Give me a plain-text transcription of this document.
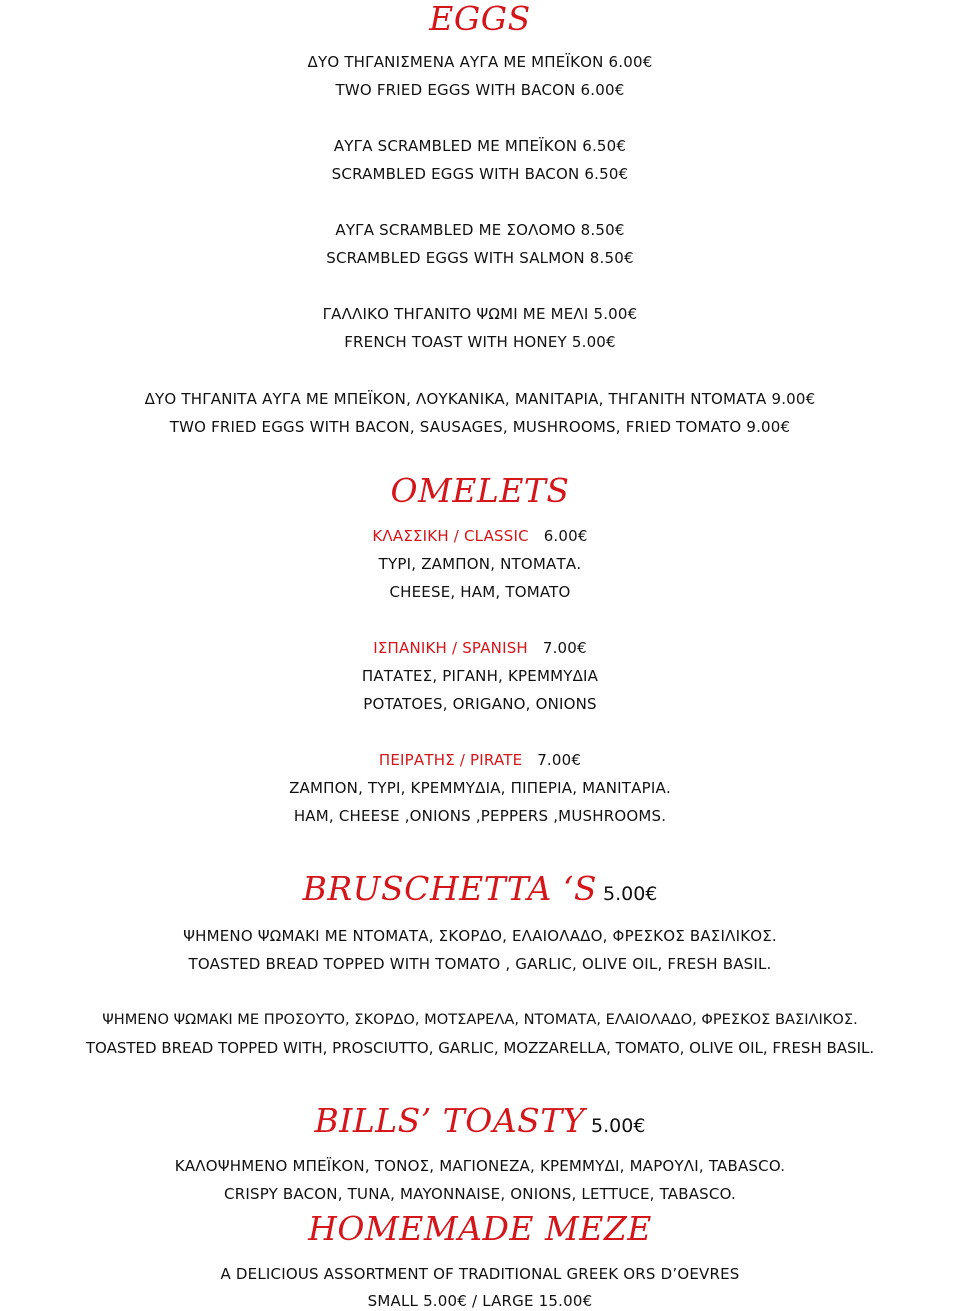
EGGS
ΔΥΟ ΤΗΓΑΝΙΣΜΕΝΑ ΑΥΓΑ ΜΕ ΜΠΕΪΚΟΝ 6.00€
TWO FRIED EGGS WITH BACON 6.00€
ΑΥΓΑ SCRAMBLED ΜΕ ΜΠΕΪΚΟΝ 6.50€
SCRAMBLED EGGS WITH BACON 6.50€
ΑΥΓΑ SCRAMBLED ΜΕ ΣΟΛΟΜΟ 8.50€
SCRAMBLED EGGS WITH SALMON 8.50€
ΓΑΛΛΙΚΟ ΤΗΓΑΝΙΤΟ ΨΩΜΙ ΜΕ ΜΕΛΙ 5.00€
FRENCH TOAST WITH HONEY 5.00€
ΔΥΟ ΤΗΓΑΝΙΤΑ ΑΥΓΑ ΜΕ ΜΠΕΪΚΟΝ, ΛΟΥΚΑΝΙΚΑ, ΜΑΝΙΤΑΡΙΑ, ΤΗΓΑΝΙΤΗ ΝΤΟΜΑΤΑ 9.00€
TWO FRIED EGGS WITH BACON, SAUSAGES, MUSHROOMS, FRIED TOMATO 9.00€
OMELETS
ΚΛΑΣΣΙΚΗ / CLASSIC 6.00€
ΤΥΡΙ, ΖΑΜΠΟΝ, ΝΤΟΜΑΤΑ.
CHEESE, HAM, TOMATO
ΙΣΠΑΝΙΚΗ / SPANISH 7.00€
ΠΑΤΑΤΕΣ, ΡΙΓΑΝΗ, ΚΡΕΜΜΥΔΙΑ
POTATOES, ORIGANO, ONIONS
ΠΕΙΡΑΤΗΣ / PIRATE 7.00€
ΖΑΜΠΟΝ, ΤΥΡΙ, ΚΡΕΜΜΥΔΙΑ, ΠΙΠΕΡΙΑ, ΜΑΝΙΤΑΡΙΑ.
HAM, CHEESE ,ONIONS ,PEPPERS ,MUSHROOMS.
BRUSCHETTA ‘S 5.00€
ΨΗΜΕΝΟ ΨΩΜΑΚΙ ΜΕ ΝΤΟΜΑΤΑ, ΣΚΟΡΔΟ, ΕΛΑΙΟΛΑΔΟ, ΦΡΕΣΚΟΣ ΒΑΣΙΛΙΚΟΣ.
TOASTED BREAD TOPPED WITH TOMATO , GARLIC, OLIVE OIL, FRESH BASIL.
ΨΗΜΕΝΟ ΨΩΜΑΚΙ ΜΕ ΠΡΟΣΟΥΤΟ, ΣΚΟΡΔΟ, ΜΟΤΣΑΡΕΛΑ, ΝΤΟΜΑΤΑ, ΕΛΑΙΟΛΑΔΟ, ΦΡΕΣΚΟΣ ΒΑΣΙΛΙΚΟΣ.
TOASTED BREAD TOPPED WITH, PROSCIUTTO, GARLIC, MOZZARELLA, TOMATO, OLIVE OIL, FRESH BASIL.
BILLS’ TOASTY 5.00€
ΚΑΛΟΨΗΜΕΝΟ ΜΠΕΪΚΟΝ, ΤΟΝΟΣ, ΜΑΓΙΟΝΕΖΑ, ΚΡΕΜΜΥΔΙ, ΜΑΡΟΥΛΙ, TABASCO.
CRISPY BACON, TUNA, MAYONNAISE, ONIONS, LETTUCE, TABASCO.
HOMEMADE MEZE
A DELICIOUS ASSORTMENT OF TRADITIONAL GREEK ORS D’OEVRES
SMALL 5.00€ / LARGE 15.00€
